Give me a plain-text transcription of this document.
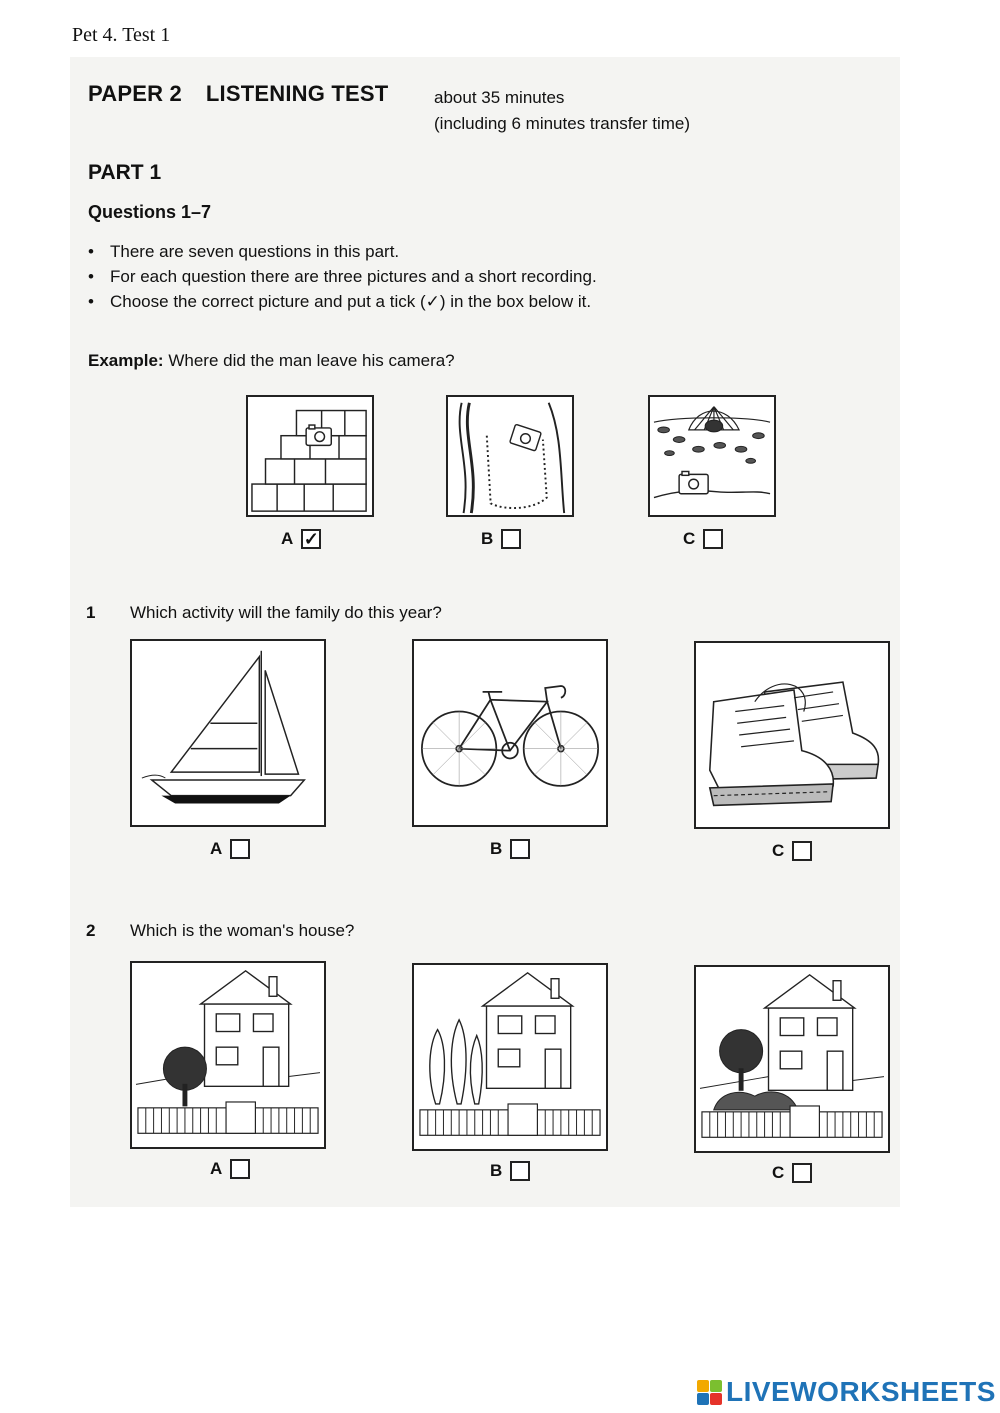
Pet 4. Test 1
PAPER 2 LISTENING TEST	about 35 minutes
(including 6 minutes transfer time)
PART 1
Questions 1–7
• There are seven questions in this part.
• For each question there are three pictures and a short recording.
• Choose the correct picture and put a tick (✓) in the box below it.
Example: Where did the man leave his camera?
A ✓	B	C
1 Which activity will the family do this year?
A	B	C
2 Which is the woman's house?
A	B	C
LIVEWORKSHEETS
